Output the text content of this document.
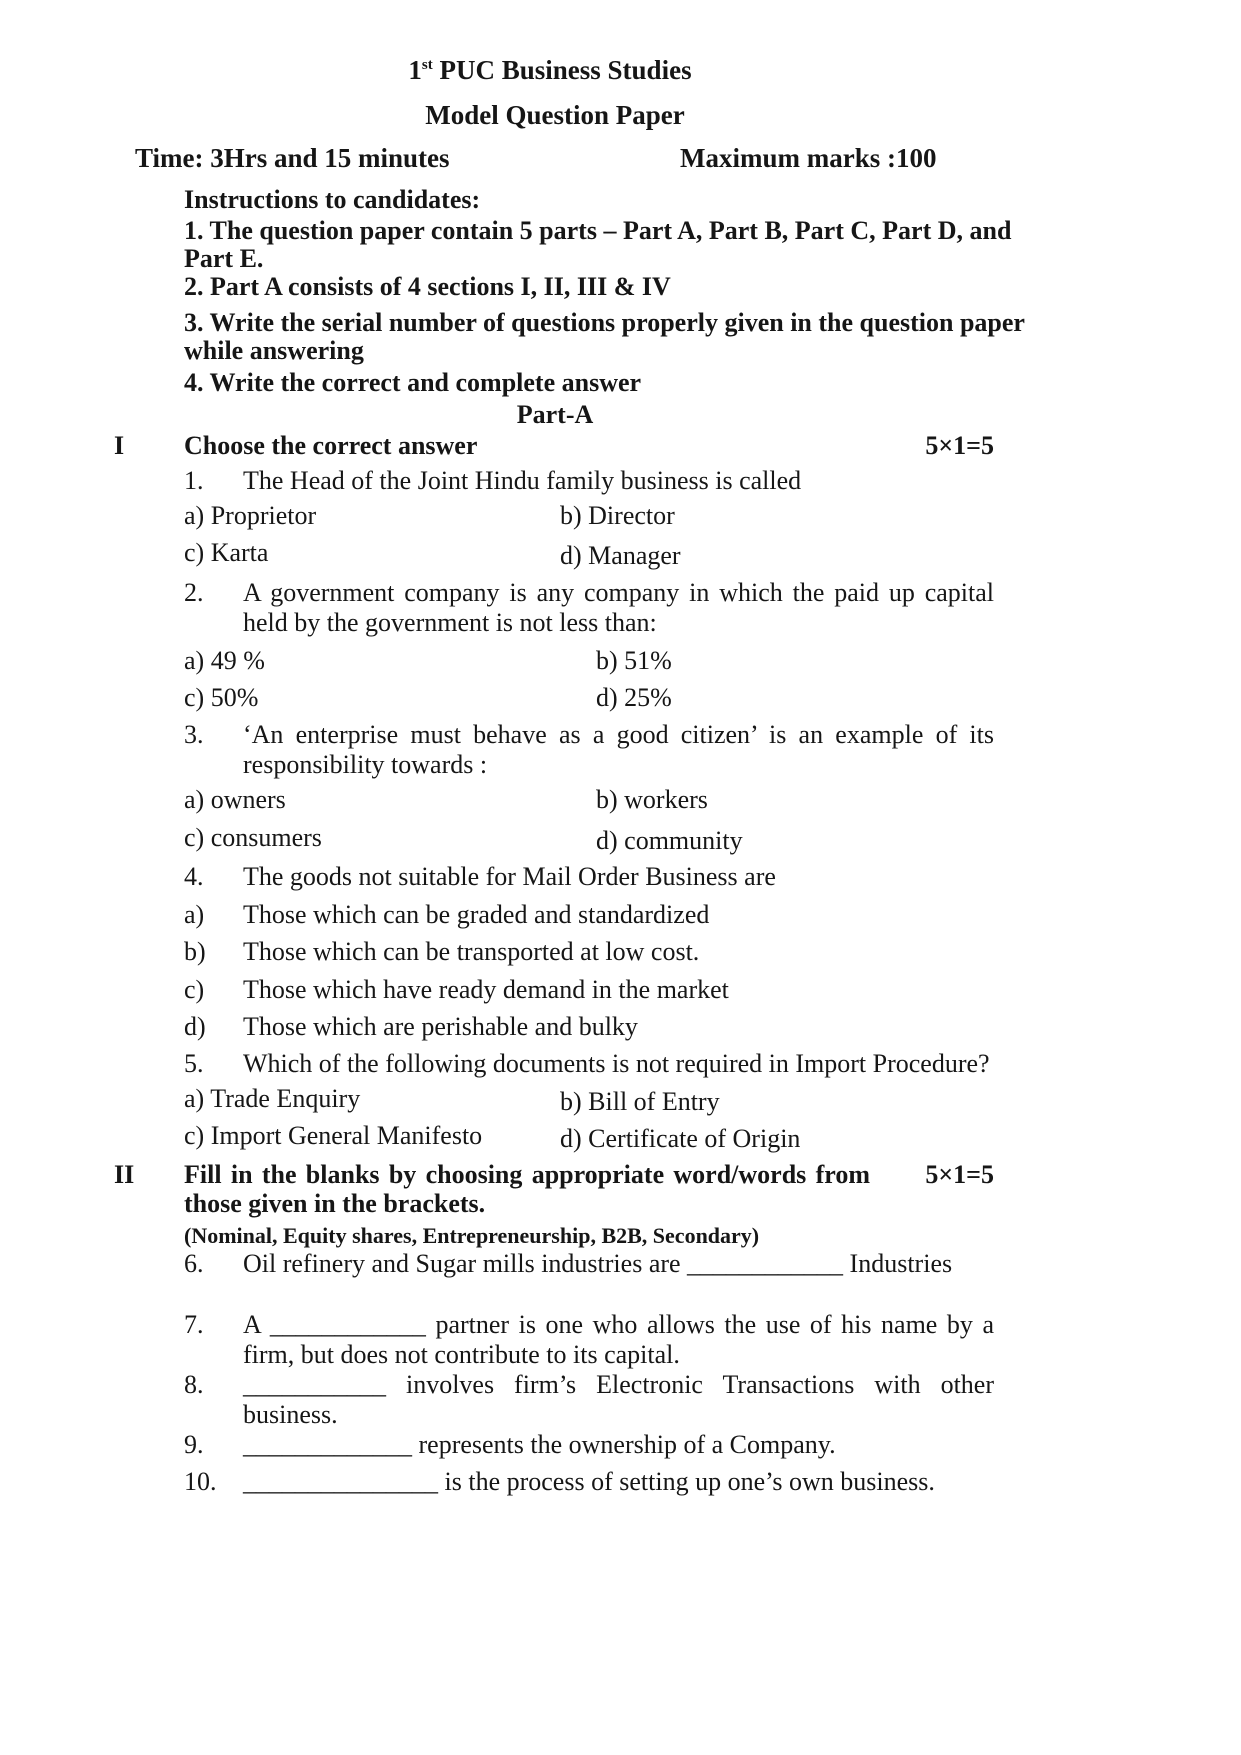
1st PUC Business Studies
Model Question Paper
Time: 3Hrs and 15 minutes	Maximum marks :100
Instructions to candidates:
1. The question paper contain 5 parts – Part A, Part B, Part C, Part D, and
Part E.
2. Part A consists of 4 sections I, II, III & IV
3. Write the serial number of questions properly given in the question paper
while answering
4. Write the correct and complete answer
Part-A
I Choose the correct answer	5×1=5
1. The Head of the Joint Hindu family business is called
a) Proprietor	b) Director
c) Karta	d) Manager
2. A government company is any company in which the paid up capital
held by the government is not less than:
a) 49 %	b) 51%
c) 50%	d) 25%
3. ‘An enterprise must behave as a good citizen’ is an example of its
responsibility towards :
a) owners	b) workers
c) consumers	d) community
4. The goods not suitable for Mail Order Business are
a) Those which can be graded and standardized
b) Those which can be transported at low cost.
c) Those which have ready demand in the market
d) Those which are perishable and bulky
5. Which of the following documents is not required in Import Procedure?
a) Trade Enquiry	b) Bill of Entry
c) Import General Manifesto	d) Certificate of Origin
II Fill in the blanks by choosing appropriate word/words from 5×1=5
those given in the brackets.
(Nominal, Equity shares, Entrepreneurship, B2B, Secondary)
6. Oil refinery and Sugar mills industries are ____________ Industries
7. A ____________ partner is one who allows the use of his name by a
firm, but does not contribute to its capital.
8. ___________ involves firm’s Electronic Transactions with other
business.
9. _____________ represents the ownership of a Company.
10. _______________ is the process of setting up one’s own business.
